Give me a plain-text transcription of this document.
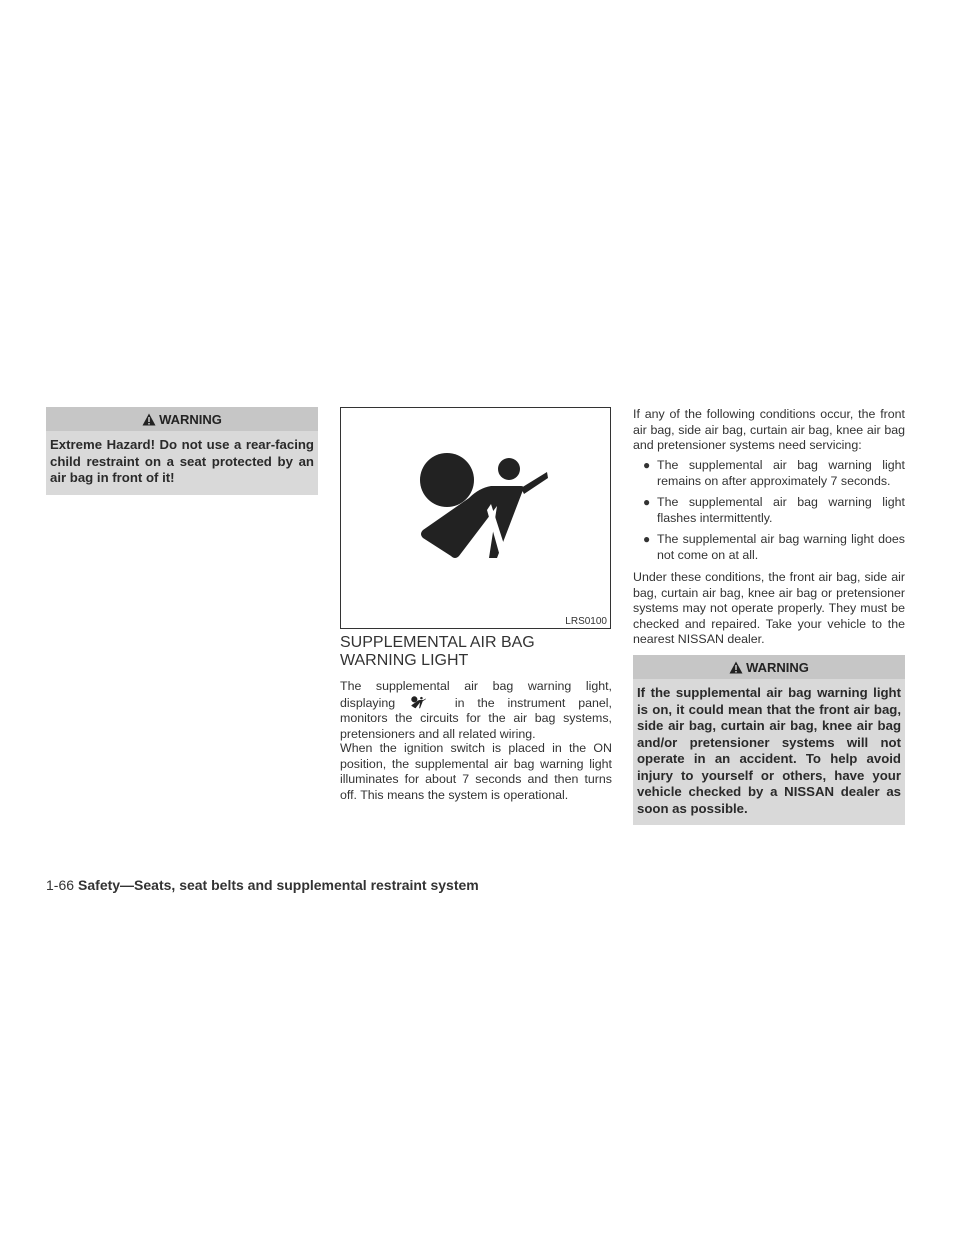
WARNING
Extreme Hazard! Do not use a rear-facing child restraint on a seat protected by an air bag in front of it!
LRS0100
SUPPLEMENTAL AIR BAG
WARNING LIGHT

The supplemental air bag warning light, displaying	in the instrument panel, monitors the circuits for the air bag systems, pretensioners and all related wiring.

When the ignition switch is placed in the ON position, the supplemental air bag warning light illuminates for about 7 seconds and then turns off. This means the system is operational.

If any of the following conditions occur, the front air bag, side air bag, curtain air bag, knee air bag and pretensioner systems need servicing:

● The supplemental air bag warning light remains on after approximately 7 seconds.
● The supplemental air bag warning light flashes intermittently.
● The supplemental air bag warning light does not come on at all.

Under these conditions, the front air bag, side air bag, curtain air bag, knee air bag or pretensioner systems may not operate properly. They must be checked and repaired. Take your vehicle to the nearest NISSAN dealer.

WARNING
If the supplemental air bag warning light is on, it could mean that the front air bag, side air bag, curtain air bag, knee air bag and/or pretensioner systems will not operate in an accident. To help avoid injury to yourself or others, have your vehicle checked by a NISSAN dealer as soon as possible.
1-66 Safety—Seats, seat belts and supplemental restraint system
